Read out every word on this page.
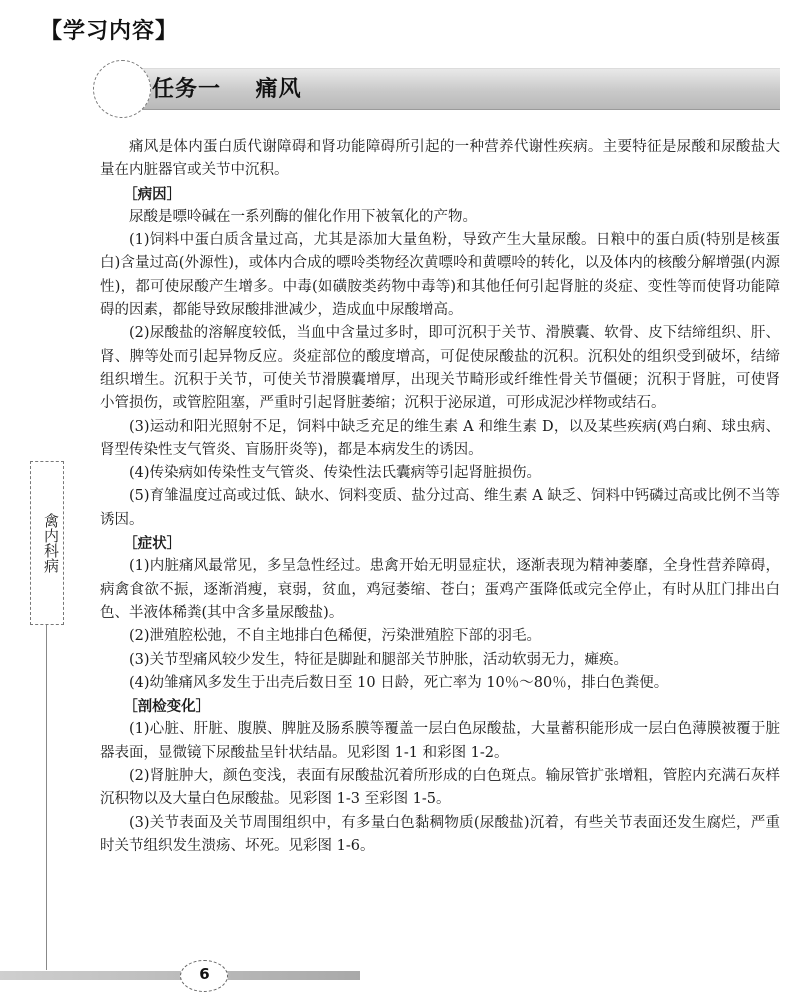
【学习内容】
任务一    痛风
禽内科病

痛风是体内蛋白质代谢障碍和肾功能障碍所引起的一种营养代谢性疾病。主要特征是尿酸和尿酸盐大量在内脏器官或关节中沉积。

［病因］

尿酸是嘌呤碱在一系列酶的催化作用下被氧化的产物。

(1)饲料中蛋白质含量过高，尤其是添加大量鱼粉，导致产生大量尿酸。日粮中的蛋白质(特别是核蛋白)含量过高(外源性)，或体内合成的嘌呤类物经次黄嘌呤和黄嘌呤的转化，以及体内的核酸分解增强(内源性)，都可使尿酸产生增多。中毒(如磺胺类药物中毒等)和其他任何引起肾脏的炎症、变性等而使肾功能障碍的因素，都能导致尿酸排泄减少，造成血中尿酸增高。

(2)尿酸盐的溶解度较低，当血中含量过多时，即可沉积于关节、滑膜囊、软骨、皮下结缔组织、肝、肾、脾等处而引起异物反应。炎症部位的酸度增高，可促使尿酸盐的沉积。沉积处的组织受到破坏，结缔组织增生。沉积于关节，可使关节滑膜囊增厚，出现关节畸形或纤维性骨关节僵硬；沉积于肾脏，可使肾小管损伤，或管腔阻塞，严重时引起肾脏萎缩；沉积于泌尿道，可形成泥沙样物或结石。

(3)运动和阳光照射不足，饲料中缺乏充足的维生素 A 和维生素 D，以及某些疾病(鸡白痢、球虫病、肾型传染性支气管炎、盲肠肝炎等)，都是本病发生的诱因。

(4)传染病如传染性支气管炎、传染性法氏囊病等引起肾脏损伤。

(5)育雏温度过高或过低、缺水、饲料变质、盐分过高、维生素 A 缺乏、饲料中钙磷过高或比例不当等诱因。

［症状］

(1)内脏痛风最常见，多呈急性经过。患禽开始无明显症状，逐渐表现为精神萎靡，全身性营养障碍，病禽食欲不振，逐渐消瘦，衰弱，贫血，鸡冠萎缩、苍白；蛋鸡产蛋降低或完全停止，有时从肛门排出白色、半液体稀粪(其中含多量尿酸盐)。

(2)泄殖腔松弛，不自主地排白色稀便，污染泄殖腔下部的羽毛。

(3)关节型痛风较少发生，特征是脚趾和腿部关节肿胀，活动软弱无力，瘫痪。

(4)幼雏痛风多发生于出壳后数日至 10 日龄，死亡率为 10％～80％，排白色粪便。

［剖检变化］

(1)心脏、肝脏、腹膜、脾脏及肠系膜等覆盖一层白色尿酸盐，大量蓄积能形成一层白色薄膜被覆于脏器表面，显微镜下尿酸盐呈针状结晶。见彩图 1-1 和彩图 1-2。

(2)肾脏肿大，颜色变浅，表面有尿酸盐沉着所形成的白色斑点。输尿管扩张增粗，管腔内充满石灰样沉积物以及大量白色尿酸盐。见彩图 1-3 至彩图 1-5。

(3)关节表面及关节周围组织中，有多量白色黏稠物质(尿酸盐)沉着，有些关节表面还发生腐烂，严重时关节组织发生溃疡、坏死。见彩图 1-6。

6
